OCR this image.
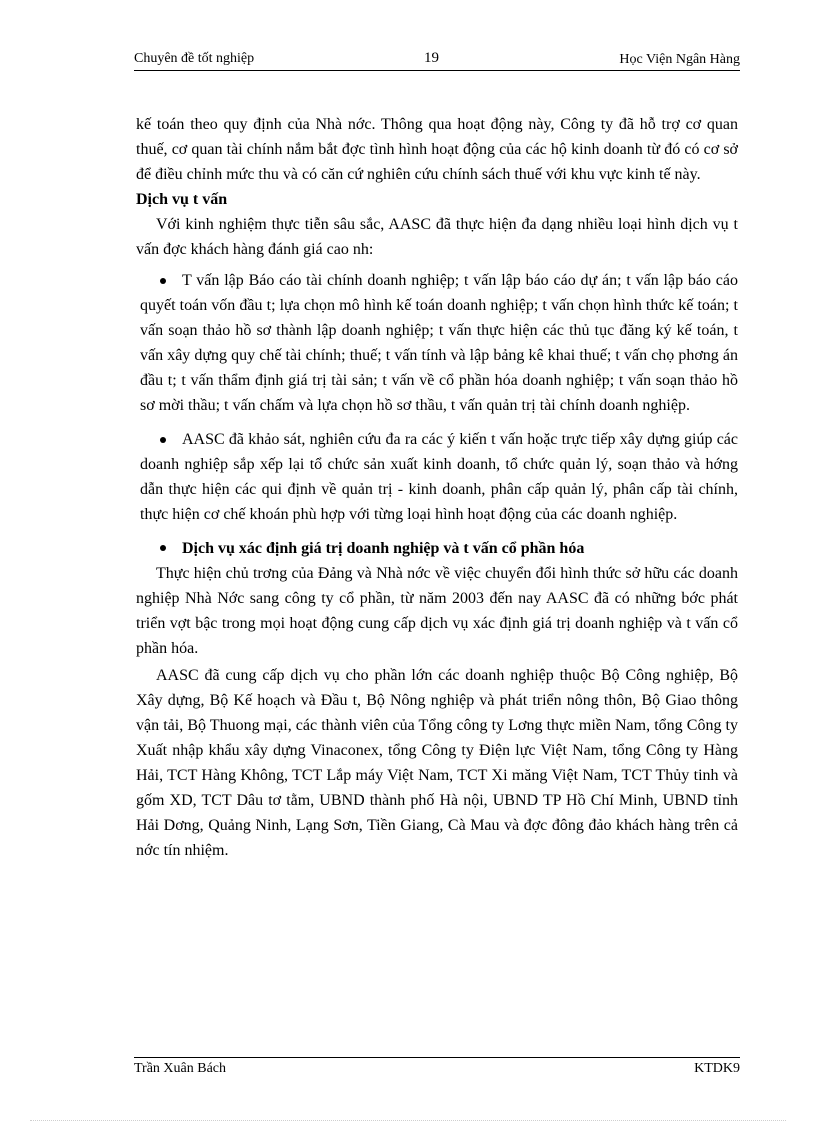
Chuyên đề tốt nghiệp	19	Học Viện Ngân Hàng

kế toán theo quy định của Nhà nớc. Thông qua hoạt động này, Công ty đã hỗ trợ cơ quan thuế, cơ quan tài chính nắm bắt đợc tình hình hoạt động của các hộ kinh doanh từ đó có cơ sở để điều chỉnh mức thu và có căn cứ nghiên cứu chính sách thuế với khu vực kinh tế này.

Dịch vụ t vấn

Với kinh nghiệm thực tiễn sâu sắc, AASC đã thực hiện đa dạng nhiều loại hình dịch vụ t vấn đợc khách hàng đánh giá cao nh:

T vấn lập Báo cáo tài chính doanh nghiệp; t vấn lập báo cáo dự án; t vấn lập báo cáo quyết toán vốn đầu t; lựa chọn mô hình kế toán doanh nghiệp; t vấn chọn hình thức kế toán; t vấn soạn thảo hồ sơ thành lập doanh nghiệp; t vấn thực hiện các thủ tục đăng ký kế toán, t vấn xây dựng quy chế tài chính; thuế; t vấn tính và lập bảng kê khai thuế; t vấn chọ phơng án đầu t; t vấn thẩm định giá trị tài sản; t vấn về cổ phần hóa doanh nghiệp; t vấn soạn thảo hồ sơ mời thầu; t vấn chấm và lựa chọn hồ sơ thầu, t vấn quản trị tài chính doanh nghiệp.
AASC đã khảo sát, nghiên cứu đa ra các ý kiến t vấn hoặc trực tiếp xây dựng giúp các doanh nghiệp sắp xếp lại tổ chức sản xuất kinh doanh, tổ chức quản lý, soạn thảo và hớng dẫn thực hiện các qui định về quản trị - kinh doanh, phân cấp quản lý, phân cấp tài chính, thực hiện cơ chế khoán phù hợp với từng loại hình hoạt động của các doanh nghiệp.
Dịch vụ xác định giá trị doanh nghiệp và t vấn cổ phần hóa

Thực hiện chủ trơng của Đảng và Nhà nớc về việc chuyển đổi hình thức sở hữu các doanh nghiệp Nhà Nớc sang công ty cổ phần, từ năm 2003 đến nay AASC đã có những bớc phát triển vợt bậc trong mọi hoạt động cung cấp dịch vụ xác định giá trị doanh nghiệp và t vấn cổ phần hóa.

AASC đã cung cấp dịch vụ cho phần lớn các doanh nghiệp thuộc Bộ Công nghiệp, Bộ Xây dựng, Bộ Kế hoạch và Đầu t, Bộ Nông nghiệp và phát triển nông thôn, Bộ Giao thông vận tải, Bộ Thuong mại, các thành viên của Tổng công ty Lơng thực miền Nam, tổng Công ty Xuất nhập khẩu xây dựng Vinaconex, tổng Công ty Điện lực Việt Nam, tổng Công ty Hàng Hải, TCT Hàng Không, TCT Lắp máy Việt Nam, TCT Xi măng Việt Nam, TCT Thủy tinh và gốm XD, TCT Dâu tơ tằm, UBND thành phố Hà nội, UBND TP Hồ Chí Minh, UBND tỉnh Hải Dơng, Quảng Ninh, Lạng Sơn, Tiền Giang, Cà Mau và đợc đông đảo khách hàng trên cả nớc tín nhiệm.

Trần Xuân Bách	KTDK9
